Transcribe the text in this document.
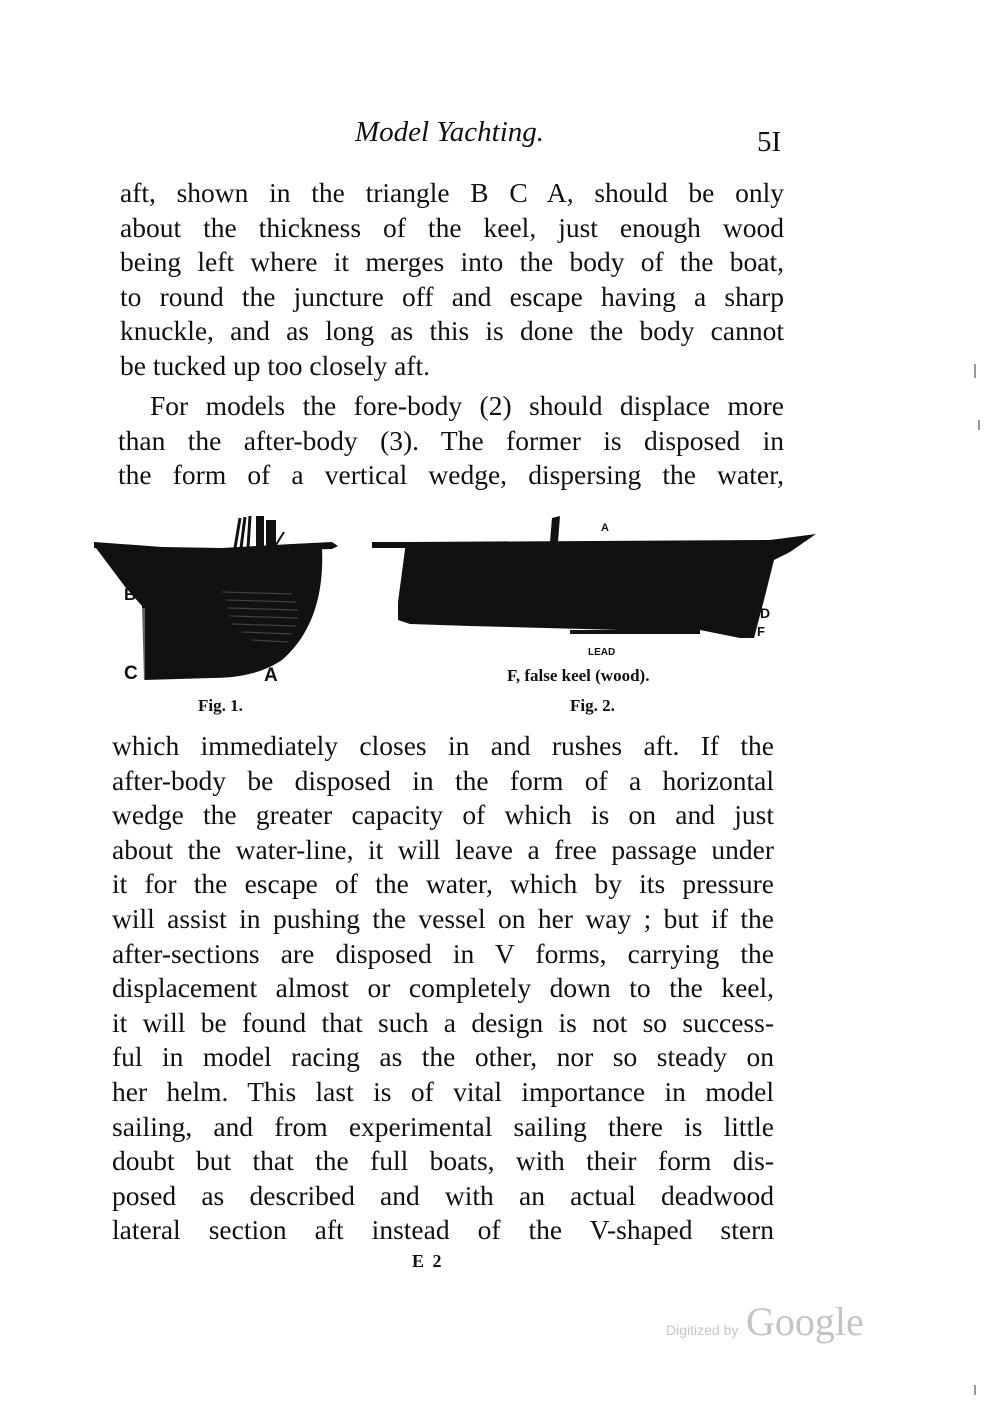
Model Yachting.	5I
aft, shown in the triangle B C A, should be only
about the thickness of the keel, just enough wood
being left where it merges into the body of the boat,
to round the juncture off and escape having a sharp
knuckle, and as long as this is done the body cannot
be tucked up too closely aft.
For models the fore-body (2) should displace more
than the after-body (3). The former is disposed in
the form of a vertical wedge, dispersing the water,
B
C	A
Fig. 1.
A
D
F
LEAD
F, false keel (wood).
Fig. 2.
which immediately closes in and rushes aft. If the
after-body be disposed in the form of a horizontal
wedge the greater capacity of which is on and just
about the water-line, it will leave a free passage under
it for the escape of the water, which by its pressure
will assist in pushing the vessel on her way ; but if the
after-sections are disposed in V forms, carrying the
displacement almost or completely down to the keel,
it will be found that such a design is not so success-
ful in model racing as the other, nor so steady on
her helm. This last is of vital importance in model
sailing, and from experimental sailing there is little
doubt but that the full boats, with their form dis-
posed as described and with an actual deadwood
lateral section aft instead of the V-shaped stern
E 2
Digitized by Google
